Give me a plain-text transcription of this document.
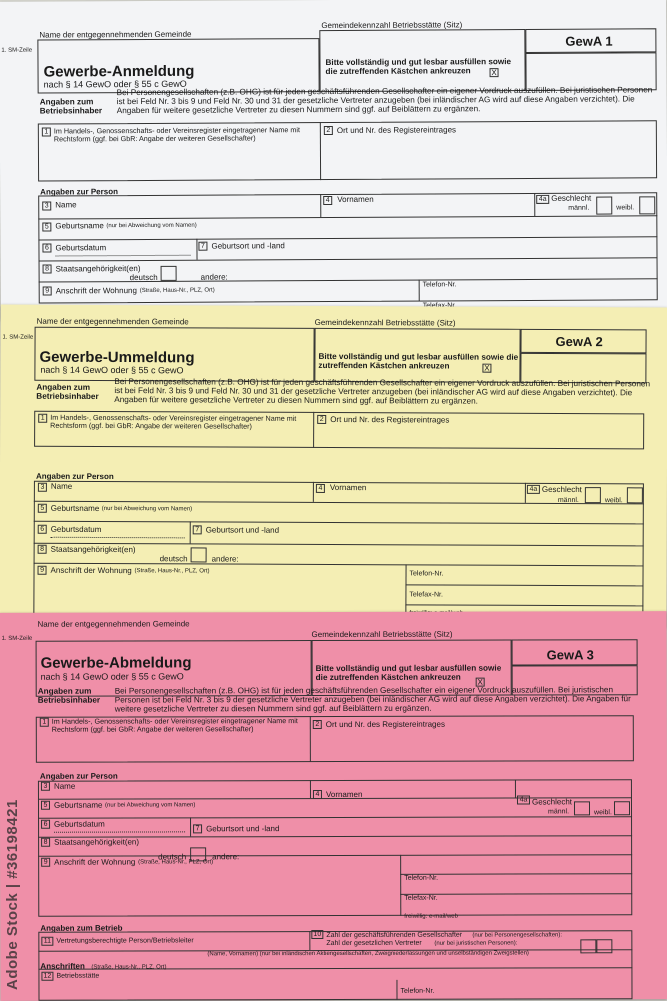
1. SM-Zeile
Name der entgegennehmenden Gemeinde
Gemeindekennzahl Betriebsstätte (Sitz)
GewA 1
Gewerbe-Anmeldung
nach § 14 GewO oder § 55 c GewO
Bitte vollständig und gut lesbar ausfüllen sowie die zutreffenden Kästchen ankreuzen	X
Angaben zum Betriebsinhaber
Bei Personengesellschaften (z.B. OHG) ist für jeden geschäftsführenden Gesellschafter ein eigener Vordruck auszufüllen. Bei juristischen Personen ist bei Feld Nr. 3 bis 9 und Feld Nr. 30 und 31 der gesetzliche Vertreter anzugeben (bei inländischer AG wird auf diese Angaben verzichtet). Die Angaben für weitere gesetzliche Vertreter zu diesen Nummern sind ggf. auf Beiblättern zu ergänzen.
1 Im Handels-, Genossenschafts- oder Vereinsregister eingetragener Name mit Rechtsform (ggf. bei GbR: Angabe der weiteren Gesellschafter)
2 Ort und Nr. des Registereintrages
Angaben zur Person
3 Name	4 Vornamen	4a Geschlecht
männl.	weibl.
5 Geburtsname (nur bei Abweichung vom Namen)
6 Geburtsdatum	7 Geburtsort und -land
8 Staatsangehörigkeit(en)
deutsch	andere:
9 Anschrift der Wohnung (Straße, Haus-Nr., PLZ, Ort)
Telefon-Nr.
Name der entgegennehmenden Gemeinde	Gemeindekennzahl Betriebsstätte (Sitz)
1. SM-Zeile	GewA 2
Gewerbe-Ummeldung
nach § 14 GewO oder § 55 c GewO
Bitte vollständig und gut lesbar ausfüllen sowie die zutreffenden Kästchen ankreuzen	X
Angaben zum Betriebsinhaber
Bei Personengesellschaften (z.B. OHG) ist für jeden geschäftsführenden Gesellschafter ein eigener Vordruck auszufüllen. Bei juristischen Personen ist bei Feld Nr. 3 bis 9 und Feld Nr. 30 und 31 der gesetzliche Vertreter anzugeben (bei inländischer AG wird auf diese Angaben verzichtet). Die Angaben für weitere gesetzliche Vertreter zu diesen Nummern sind ggf. auf Beiblättern zu ergänzen.
1 Im Handels-, Genossenschafts- oder Vereinsregister eingetragener Name mit Rechtsform (ggf. bei GbR: Angabe der weiteren Gesellschafter)
2 Ort und Nr. des Registereintrages
Angaben zur Person
3 Name	4 Vornamen	4a Geschlecht
männl.	weibl.
5 Geburtsname (nur bei Abweichung vom Namen)
6 Geburtsdatum	7 Geburtsort und -land
8 Staatsangehörigkeit(en)
deutsch	andere:
9 Anschrift der Wohnung (Straße, Haus-Nr., PLZ, Ort)	Telefon-Nr.
Telefax-Nr.
1. SM-Zeile
Name der entgegennehmenden Gemeinde
Gemeindekennzahl Betriebsstätte (Sitz)
GewA 3
Gewerbe-Abmeldung
nach § 14 GewO oder § 55 c GewO
Bitte vollständig und gut lesbar ausfüllen sowie die zutreffenden Kästchen ankreuzen	X
Angaben zum Betriebsinhaber
Bei Personengesellschaften (z.B. OHG) ist für jeden geschäftsführenden Gesellschafter ein eigener Vordruck auszufüllen. Bei juristischen Personen ist bei Feld Nr. 3 bis 9 der gesetzliche Vertreter anzugeben (bei inländischer AG wird auf diese Angaben verzichtet). Die Angaben für weitere gesetzliche Vertreter zu diesen Nummern sind ggf. auf Beiblättern zu ergänzen.
1 Im Handels-, Genossenschafts- oder Vereinsregister eingetragener Name mit Rechtsform (ggf. bei GbR: Angabe der weiteren Gesellschafter)	2 Ort und Nr. des Registereintrages
Angaben zur Person
3 Name
4 Vornamen
4a Geschlecht
männl.	weibl.
5 Geburtsname (nur bei Abweichung vom Namen)
6 Geburtsdatum
7 Geburtsort und -land
8 Staatsangehörigkeit(en)
deutsch	andere:
9 Anschrift der Wohnung (Straße, Haus-Nr., PLZ, Ort)
Telefon-Nr.
Telefax-Nr.
freiwillig: e-mail/web
Angaben zum Betrieb
10 Zahl der geschäftsführenden Gesellschafter (nur bei Personengesellschaften):
Zahl der gesetzlichen Vertreter (nur bei juristischen Personen):
11 Vertretungsberechtigte Person/Betriebsleiter
(Name, Vornamen) (nur bei inländischen Aktiengesellschaften, Zweigniederlassungen und unselbständigen Zweigstellen)
Anschriften (Straße, Haus-Nr., PLZ, Ort)
12 Betriebsstätte
Telefon-Nr.
Adobe Stock | #36198421
